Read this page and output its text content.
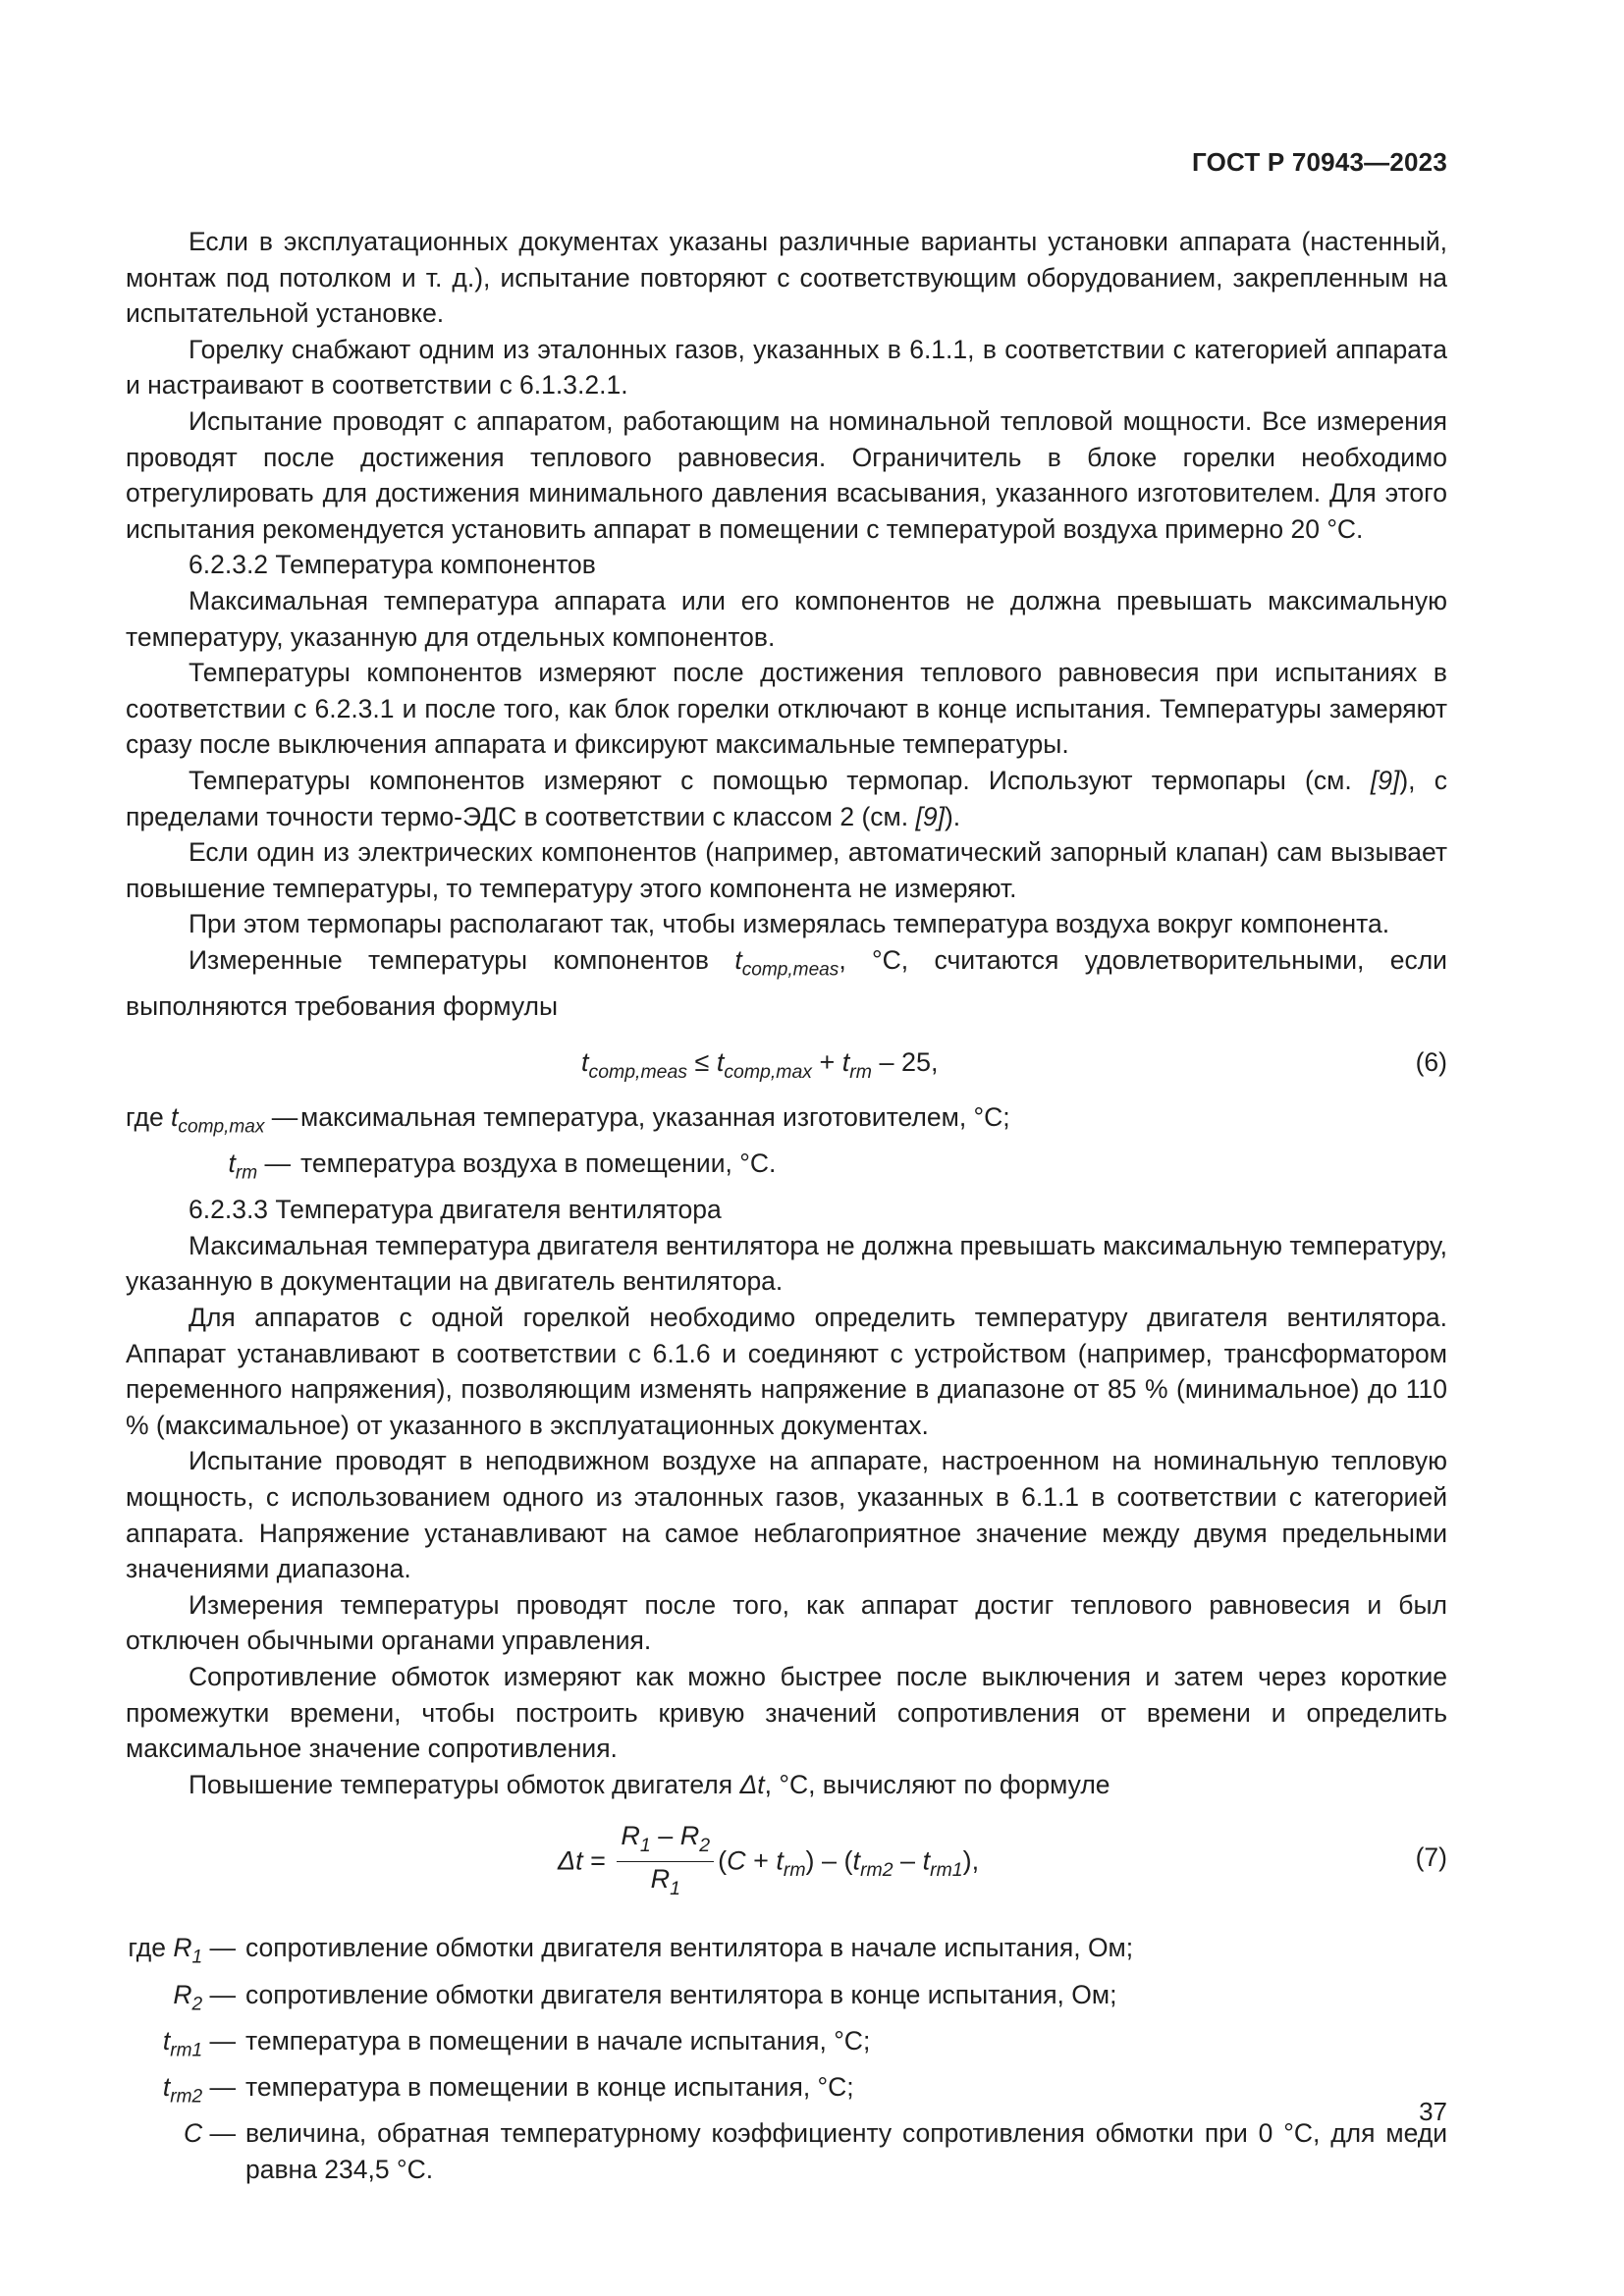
ГОСТ Р 70943—2023

Если в эксплуатационных документах указаны различные варианты установки аппарата (настенный, монтаж под потолком и т. д.), испытание повторяют с соответствующим оборудованием, закрепленным на испытательной установке.

Горелку снабжают одним из эталонных газов, указанных в 6.1.1, в соответствии с категорией аппарата и настраивают в соответствии с 6.1.3.2.1.

Испытание проводят с аппаратом, работающим на номинальной тепловой мощности. Все измерения проводят после достижения теплового равновесия. Ограничитель в блоке горелки необходимо отрегулировать для достижения минимального давления всасывания, указанного изготовителем. Для этого испытания рекомендуется установить аппарат в помещении с температурой воздуха примерно 20 °С.

6.2.3.2 Температура компонентов

Максимальная температура аппарата или его компонентов не должна превышать максимальную температуру, указанную для отдельных компонентов.

Температуры компонентов измеряют после достижения теплового равновесия при испытаниях в соответствии с 6.2.3.1 и после того, как блок горелки отключают в конце испытания. Температуры замеряют сразу после выключения аппарата и фиксируют максимальные температуры.

Температуры компонентов измеряют с помощью термопар. Используют термопары (см. [9]), с пределами точности термо-ЭДС в соответствии с классом 2 (см. [9]).

Если один из электрических компонентов (например, автоматический запорный клапан) сам вызывает повышение температуры, то температуру этого компонента не измеряют.

При этом термопары располагают так, чтобы измерялась температура воздуха вокруг компонента.

Измеренные температуры компонентов $t_{comp,meas}$, °С, считаются удовлетворительными, если выполняются требования формулы

$t_{comp,meas} \le t_{comp,max} + t_{rm} - 25$,	(6)
где $t_{comp,max}$ — максимальная температура, указанная изготовителем, °С;
$t_{rm}$ — температура воздуха в помещении, °С.

6.2.3.3 Температура двигателя вентилятора

Максимальная температура двигателя вентилятора не должна превышать максимальную температуру, указанную в документации на двигатель вентилятора.

Для аппаратов с одной горелкой необходимо определить температуру двигателя вентилятора. Аппарат устанавливают в соответствии с 6.1.6 и соединяют с устройством (например, трансформатором переменного напряжения), позволяющим изменять напряжение в диапазоне от 85 % (минимальное) до 110 % (максимальное) от указанного в эксплуатационных документах.

Испытание проводят в неподвижном воздухе на аппарате, настроенном на номинальную тепловую мощность, с использованием одного из эталонных газов, указанных в 6.1.1 в соответствии с категорией аппарата. Напряжение устанавливают на самое неблагоприятное значение между двумя предельными значениями диапазона.

Измерения температуры проводят после того, как аппарат достиг теплового равновесия и был отключен обычными органами управления.

Сопротивление обмоток измеряют как можно быстрее после выключения и затем через короткие промежутки времени, чтобы построить кривую значений сопротивления от времени и определить максимальное значение сопротивления.

Повышение температуры обмоток двигателя Δt, °С, вычисляют по формуле

$\Delta t = \frac{R_1 - R_2}{R_1} (C + t_{rm}) - (t_{rm2} - t_{rm1})$,	(7)
где $R_1$ — сопротивление обмотки двигателя вентилятора в начале испытания, Ом;
$R_2$ — сопротивление обмотки двигателя вентилятора в конце испытания, Ом;
$t_{rm1}$ — температура в помещении в начале испытания, °С;
$t_{rm2}$ — температура в помещении в конце испытания, °С;
C — величина, обратная температурному коэффициенту сопротивления обмотки при 0 °С, для меди равна 234,5 °С.
37
